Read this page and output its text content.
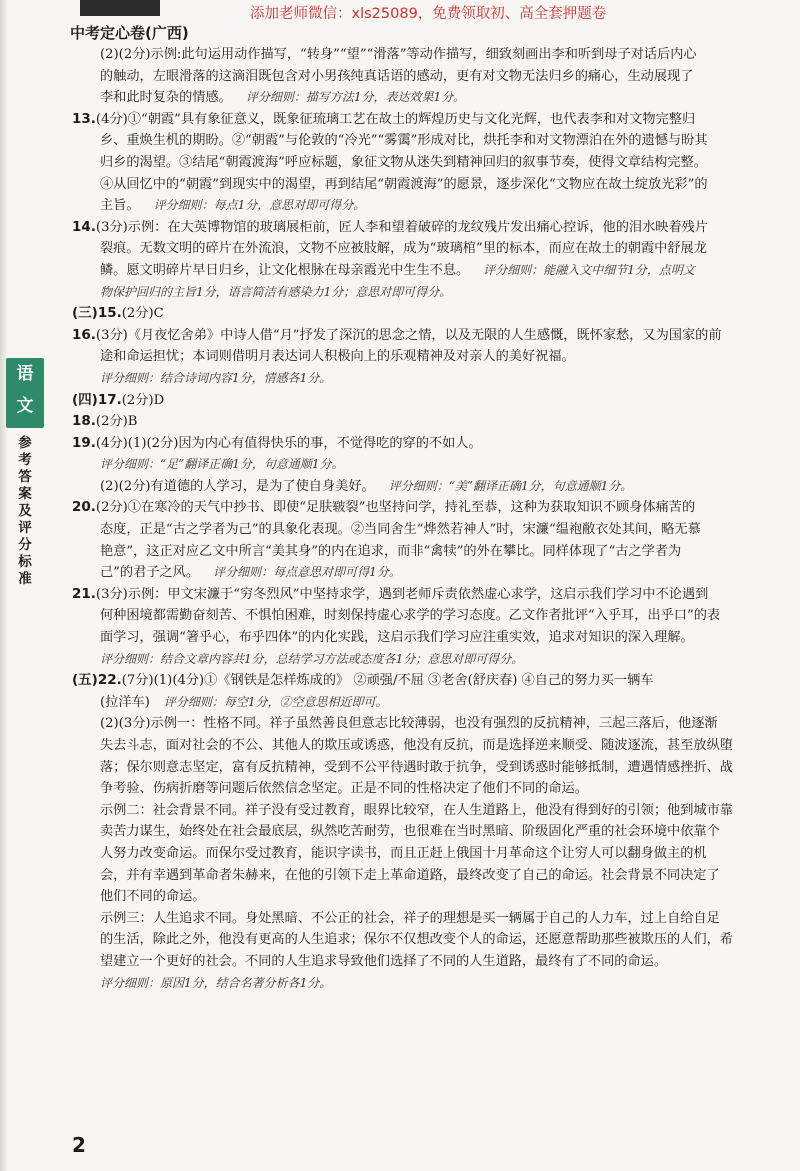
添加老师微信：xls25089，免费领取初、高全套押题卷
中考定心卷(广西)
语
文
参
考
答
案
及
评
分
标
准
(2)(2分)示例:此句运用动作描写，“转身”“望”“滑落”等动作描写，细致刻画出李和听到母子对话后内心
的触动，左眼滑落的这滴泪既包含对小男孩纯真话语的感动，更有对文物无法归乡的痛心，生动展现了
李和此时复杂的情感。 评分细则：描写方法1分，表达效果1分。
13.(4分)①“朝霞”具有象征意义，既象征琉璃工艺在故土的辉煌历史与文化光辉，也代表李和对文物完整归
乡、重焕生机的期盼。②“朝霞”与伦敦的“冷光”“雾霭”形成对比，烘托李和对文物漂泊在外的遗憾与盼其
归乡的渴望。③结尾“朝霞渡海”呼应标题，象征文物从迷失到精神回归的叙事节奏，使得文章结构完整。
④从回忆中的“朝霞”到现实中的渴望，再到结尾“朝霞渡海”的愿景，逐步深化“文物应在故土绽放光彩”的
主旨。 评分细则：每点1分，意思对即可得分。
14.(3分)示例：在大英博物馆的玻璃展柜前，匠人李和望着破碎的龙纹残片发出痛心控诉，他的泪水映着残片
裂痕。无数文明的碎片在外流浪，文物不应被肢解，成为“玻璃棺”里的标本，而应在故土的朝霞中舒展龙
鳞。愿文明碎片早日归乡，让文化根脉在母亲霞光中生生不息。 评分细则：能融入文中细节1分，点明文
物保护回归的主旨1分，语言简洁有感染力1分；意思对即可得分。
(三)15.(2分)C
16.(3分)《月夜忆舍弟》中诗人借“月”抒发了深沉的思念之情，以及无限的人生感慨，既怀家愁，又为国家的前
途和命运担忧；本词则借明月表达词人积极向上的乐观精神及对亲人的美好祝福。
评分细则：结合诗词内容1分，情感各1分。
(四)17.(2分)D
18.(2分)B
19.(4分)(1)(2分)因为内心有值得快乐的事，不觉得吃的穿的不如人。
评分细则：“足”翻译正确1分，句意通顺1分。
(2)(2分)有道德的人学习，是为了使自身美好。 评分细则：“美”翻译正确1分，句意通顺1分。
20.(2分)①在寒冷的天气中抄书、即使“足肤皲裂”也坚持问学，持礼至恭，这种为获取知识不顾身体痛苦的
态度，正是“古之学者为己”的具象化表现。②当同舍生“烨然若神人”时，宋濂“缊袍敝衣处其间，略无慕
艳意”，这正对应乙文中所言“美其身”的内在追求，而非“禽犊”的外在攀比。同样体现了“古之学者为
己”的君子之风。 评分细则：每点意思对即可得1分。
21.(3分)示例：甲文宋濂于“穷冬烈风”中坚持求学，遇到老师斥责依然虚心求学，这启示我们学习中不论遇到
何种困境都需勤奋刻苦、不惧怕困难，时刻保持虚心求学的学习态度。乙文作者批评“入乎耳，出乎口”的表
面学习，强调“箸乎心，布乎四体”的内化实践，这启示我们学习应注重实效，追求对知识的深入理解。
评分细则：结合文章内容共1分，总结学习方法或态度各1分；意思对即可得分。
(五)22.(7分)(1)(4分)①《钢铁是怎样炼成的》 ②顽强/不屈 ③老舍(舒庆春) ④自己的努力买一辆车
(拉洋车) 评分细则：每空1分，②空意思相近即可。
(2)(3分)示例一：性格不同。祥子虽然善良但意志比较薄弱，也没有强烈的反抗精神，三起三落后，他逐渐
失去斗志，面对社会的不公、其他人的欺压或诱惑，他没有反抗，而是选择逆来顺受、随波逐流，甚至放纵堕
落；保尔则意志坚定，富有反抗精神，受到不公平待遇时敢于抗争，受到诱惑时能够抵制，遭遇情感挫折、战
争考验、伤病折磨等问题后依然信念坚定。正是不同的性格决定了他们不同的命运。
示例二：社会背景不同。祥子没有受过教育，眼界比较窄，在人生道路上，他没有得到好的引领；他到城市靠
卖苦力谋生，始终处在社会最底层，纵然吃苦耐劳，也很难在当时黑暗、阶级固化严重的社会环境中依靠个
人努力改变命运。而保尔受过教育，能识字读书，而且正赶上俄国十月革命这个让穷人可以翻身做主的机
会，并有幸遇到革命者朱赫来，在他的引领下走上革命道路，最终改变了自己的命运。社会背景不同决定了
他们不同的命运。
示例三：人生追求不同。身处黑暗、不公正的社会，祥子的理想是买一辆属于自己的人力车，过上自给自足
的生活，除此之外，他没有更高的人生追求；保尔不仅想改变个人的命运，还愿意帮助那些被欺压的人们，希
望建立一个更好的社会。不同的人生追求导致他们选择了不同的人生道路，最终有了不同的命运。
评分细则：原因1分，结合名著分析各1分。
2
